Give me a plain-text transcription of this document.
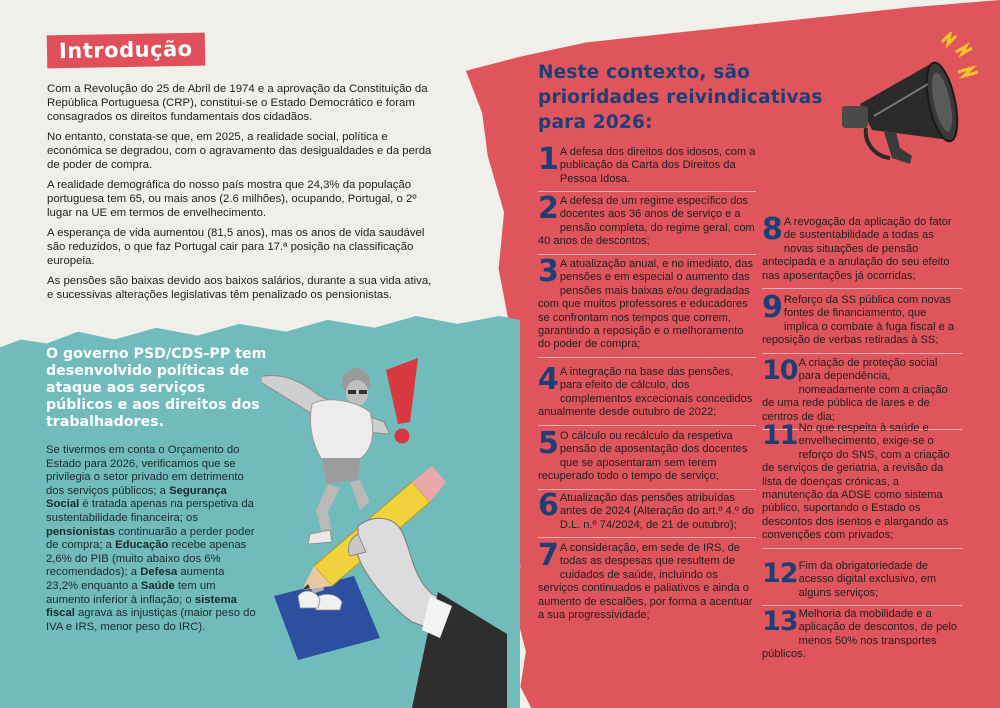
Introdução

Com a Revolução do 25 de Abril de 1974 e a aprovação da Constituição da República Portuguesa (CRP), constitui-se o Estado Democrático e foram consagrados os direitos fundamentais dos cidadãos.

No entanto, constata-se que, em 2025, a realidade social, política e económica se degradou, com o agravamento das desigualdades e da perda de poder de compra.

A realidade demográfica do nosso país mostra que 24,3% da população portuguesa tem 65, ou mais anos (2.6 milhões), ocupando, Portugal, o 2º lugar na UE em termos de envelhecimento.

A esperança de vida aumentou (81,5 anos), mas os anos de vida saudável são reduzidos, o que faz Portugal cair para 17.ª posição na classificação europeia.

As pensões são baixas devido aos baixos salários, durante a sua vida ativa, e sucessivas alterações legislativas têm penalizado os pensionistas.

O governo PSD/CDS-PP tem desenvolvido políticas de ataque aos serviços públicos e aos direitos dos trabalhadores.
Se tivermos em conta o Orçamento do Estado para 2026, verificamos que se privilegia o setor privado em detrimento dos serviços públicos; a Segurança Social é tratada apenas na perspetiva da sustentabilidade financeira; os pensionistas continuarão a perder poder de compra; a Educação recebe apenas 2,6% do PIB (muito abaixo dos 6% recomendados); a Defesa aumenta 23,2% enquanto a Saúde tem um aumento inferior à inflação; o sistema fiscal agrava as injustiças (maior peso do IVA e IRS, menor peso do IRC).
Neste contexto, são prioridades reivindicativas para 2026:
1 A defesa dos direitos dos idosos, com a publicação da Carta dos Direitos da Pessoa Idosa.
2 A defesa de um regime específico dos docentes aos 36 anos de serviço e a pensão completa, do regime geral, com 40 anos de descontos;
3 A atualização anual, e no imediato, das pensões e em especial o aumento das pensões mais baixas e/ou degradadas com que muitos professores e educadores se confrontam nos tempos que correm, garantindo a reposição e o melhoramento do poder de compra;
4 A integração na base das pensões, para efeito de cálculo, dos complementos excecionais concedidos anualmente desde outubro de 2022;
5 O cálculo ou recálculo da respetiva pensão de aposentação dos docentes que se aposentaram sem terem recuperado todo o tempo de serviço;
6 Atualização das pensões atribuídas antes de 2024 (Alteração do art.º 4.º do D.L. n.º 74/2024, de 21 de outubro);
7 A consideração, em sede de IRS, de todas as despesas que resultem de cuidados de saúde, incluindo os serviços continuados e paliativos e ainda o aumento de escalões, por forma a acentuar a sua progressividade;
8 A revogação da aplicação do fator de sustentabilidade a todas as novas situações de pensão antecipada e a anulação do seu efeito nas aposentações já ocorridas;
9 Reforço da SS pública com novas fontes de financiamento, que implica o combate à fuga fiscal e a reposição de verbas retiradas à SS;
10 A criação de proteção social para dependência, nomeadamente com a criação de uma rede pública de lares e de centros de dia;
11 No que respeita à saúde e envelhecimento, exige-se o reforço do SNS, com a criação de serviços de geriatria, a revisão da lista de doenças crónicas, a manutenção da ADSE como sistema público, suportando o Estado os descontos dos isentos e alargando as convenções com privados;
12 Fim da obrigatoriedade de acesso digital exclusivo, em alguns serviços;
13 Melhoria da mobilidade e a aplicação de descontos, de pelo menos 50% nos transportes públicos.
